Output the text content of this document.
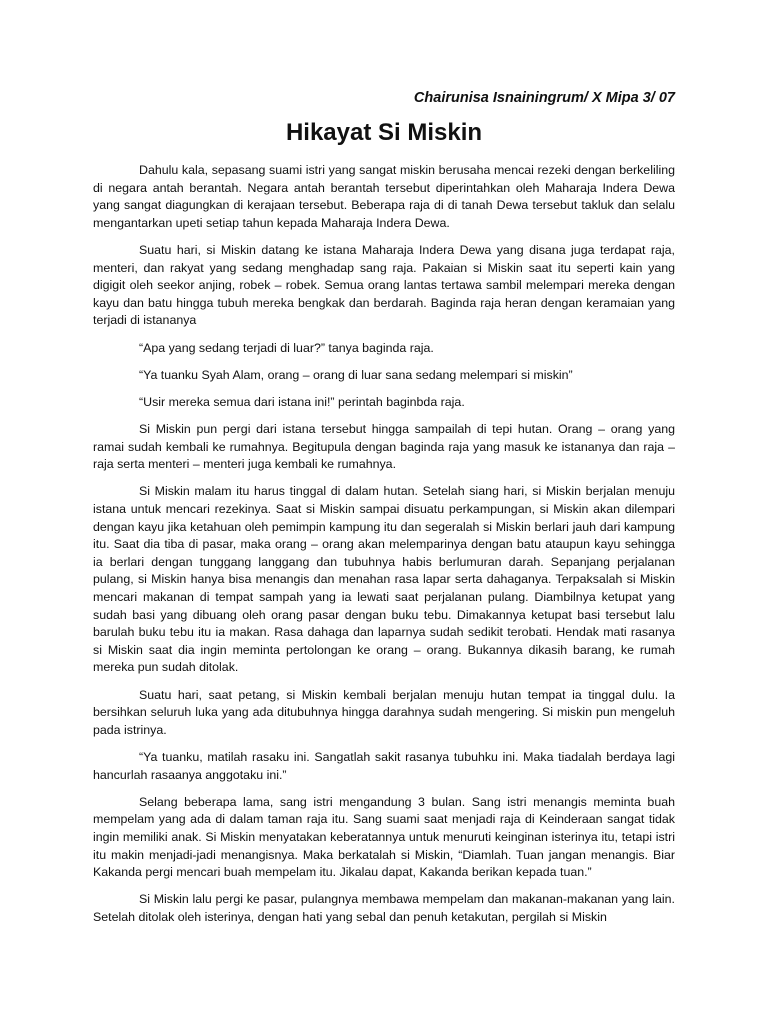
Chairunisa Isnainingrum/ X Mipa 3/ 07
Hikayat Si Miskin

Dahulu kala, sepasang suami istri yang sangat miskin berusaha mencai rezeki dengan berkeliling di negara antah berantah. Negara antah berantah tersebut diperintahkan oleh Maharaja Indera Dewa yang sangat diagungkan di kerajaan tersebut. Beberapa raja di di tanah Dewa tersebut takluk dan selalu mengantarkan upeti setiap tahun kepada Maharaja Indera Dewa.

Suatu hari, si Miskin datang ke istana Maharaja Indera Dewa yang disana juga terdapat raja, menteri, dan rakyat yang sedang menghadap sang raja. Pakaian si Miskin saat itu seperti kain yang digigit oleh seekor anjing, robek – robek. Semua orang lantas tertawa sambil melempari mereka dengan kayu dan batu hingga tubuh mereka bengkak dan berdarah. Baginda raja heran dengan keramaian yang terjadi di istananya

“Apa yang sedang terjadi di luar?” tanya baginda raja.

“Ya tuanku Syah Alam, orang – orang di luar sana sedang melempari si miskin”

“Usir mereka semua dari istana ini!” perintah baginbda raja.

Si Miskin pun pergi dari istana tersebut hingga sampailah di tepi hutan. Orang – orang yang ramai sudah kembali ke rumahnya. Begitupula dengan baginda raja yang masuk ke istananya dan raja – raja serta menteri – menteri juga kembali ke rumahnya.

Si Miskin malam itu harus tinggal di dalam hutan. Setelah siang hari, si Miskin berjalan menuju istana untuk mencari rezekinya. Saat si Miskin sampai disuatu perkampungan, si Miskin akan dilempari dengan kayu jika ketahuan oleh pemimpin kampung itu dan segeralah si Miskin berlari jauh dari kampung itu. Saat dia tiba di pasar, maka orang – orang akan melemparinya dengan batu ataupun kayu sehingga ia berlari dengan tunggang langgang dan tubuhnya habis berlumuran darah. Sepanjang perjalanan pulang, si Miskin hanya bisa menangis dan menahan rasa lapar serta dahaganya. Terpaksalah si Miskin mencari makanan di tempat sampah yang ia lewati saat perjalanan pulang. Diambilnya ketupat yang sudah basi yang dibuang oleh orang pasar dengan buku tebu. Dimakannya ketupat basi tersebut lalu barulah buku tebu itu ia makan. Rasa dahaga dan laparnya sudah sedikit terobati. Hendak mati rasanya si Miskin saat dia ingin meminta pertolongan ke orang – orang. Bukannya dikasih barang, ke rumah mereka pun sudah ditolak.

Suatu hari, saat petang, si Miskin kembali berjalan menuju hutan tempat ia tinggal dulu. Ia bersihkan seluruh luka yang ada ditubuhnya hingga darahnya sudah mengering. Si miskin pun mengeluh pada istrinya.

“Ya tuanku, matilah rasaku ini. Sangatlah sakit rasanya tubuhku ini. Maka tiadalah berdaya lagi hancurlah rasaanya anggotaku ini.”

Selang beberapa lama, sang istri mengandung 3 bulan. Sang istri menangis meminta buah mempelam yang ada di dalam taman raja itu. Sang suami saat menjadi raja di Keinderaan sangat tidak ingin memiliki anak. Si Miskin menyatakan keberatannya untuk menuruti keinginan isterinya itu, tetapi istri itu makin menjadi-jadi menangisnya. Maka berkatalah si Miskin, “Diamlah. Tuan jangan menangis. Biar Kakanda pergi mencari buah mempelam itu. Jikalau dapat, Kakanda berikan kepada tuan.”

Si Miskin lalu pergi ke pasar, pulangnya membawa mempelam dan makanan-makanan yang lain. Setelah ditolak oleh isterinya, dengan hati yang sebal dan penuh ketakutan, pergilah si Miskin
